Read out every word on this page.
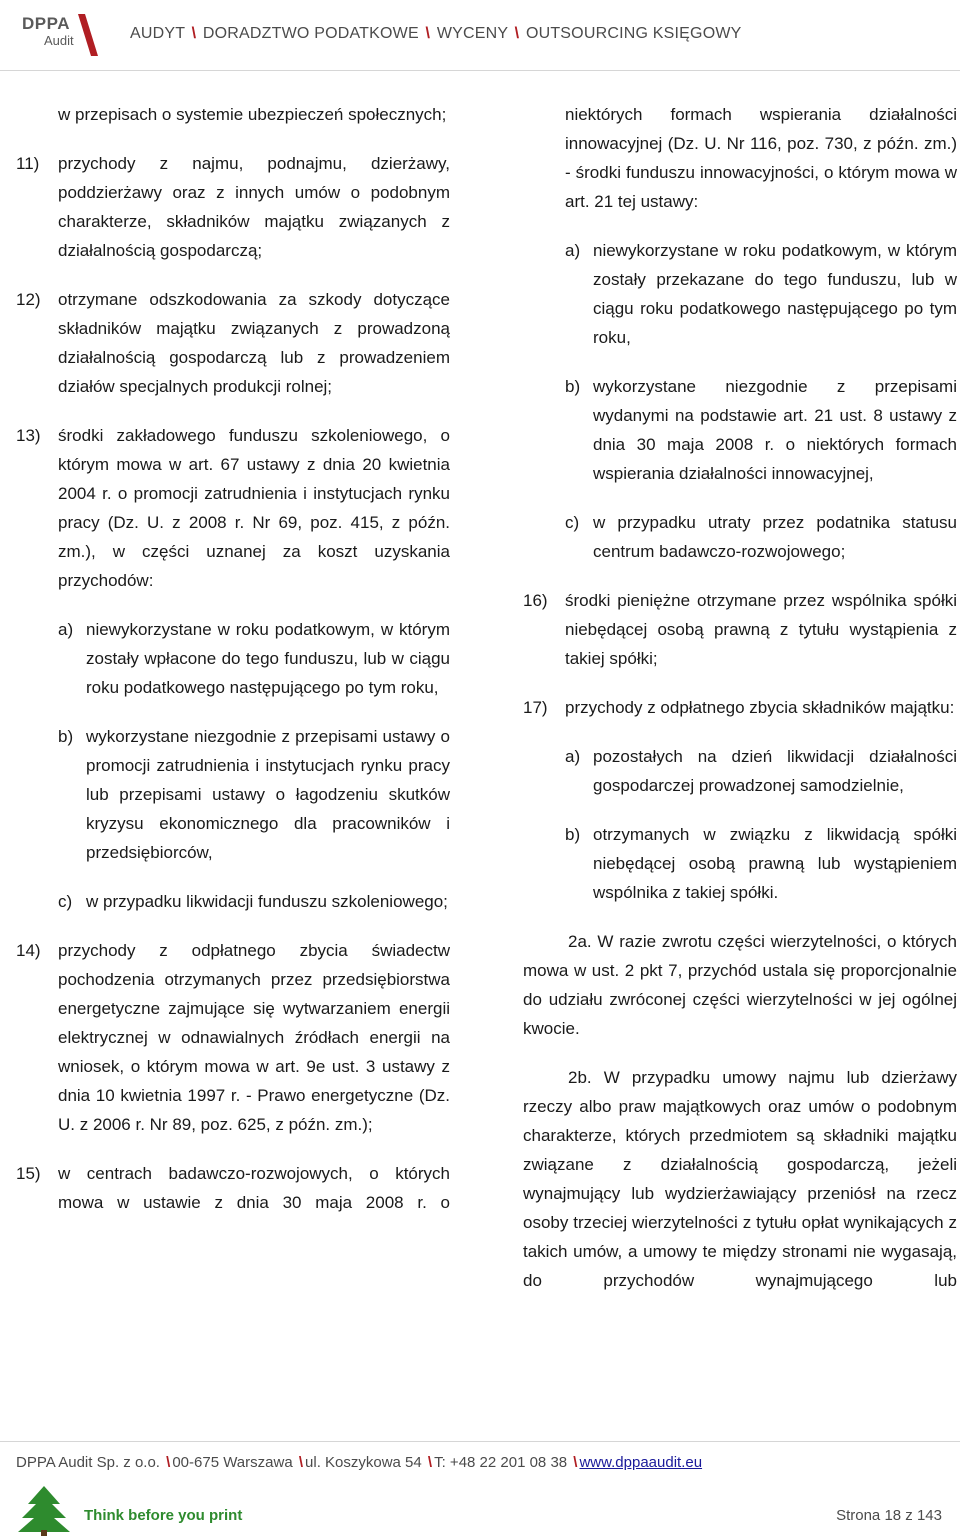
DPPA
Audit	AUDYT \ DORADZTWO PODATKOWE \ WYCENY \ OUTSOURCING KSIĘGOWY
w przepisach o systemie ubezpieczeń społecznych;
11)	przychody z najmu, podnajmu, dzierżawy, poddzierżawy oraz z innych umów o podobnym charakterze, składników majątku związanych z działalnością gospodarczą;
12)	otrzymane odszkodowania za szkody dotyczące składników majątku związanych z prowadzoną działalnością gospodarczą lub z prowadzeniem działów specjalnych produkcji rolnej;
13)	środki zakładowego funduszu szkoleniowego, o którym mowa w art. 67 ustawy z dnia 20 kwietnia 2004 r. o promocji zatrudnienia i instytucjach rynku pracy (Dz. U. z 2008 r. Nr 69, poz. 415, z późn. zm.), w części uznanej za koszt uzyskania przychodów:
a) niewykorzystane w roku podatkowym, w którym zostały wpłacone do tego funduszu, lub w ciągu roku podatkowego następującego po tym roku,
b) wykorzystane niezgodnie z przepisami ustawy o promocji zatrudnienia i instytucjach rynku pracy lub przepisami ustawy o łagodzeniu skutków kryzysu ekonomicznego dla pracowników i przedsiębiorców,
c) w przypadku likwidacji funduszu szkoleniowego;
14)	przychody z odpłatnego zbycia świadectw pochodzenia otrzymanych przez przedsiębiorstwa energetyczne zajmujące się wytwarzaniem energii elektrycznej w odnawialnych źródłach energii na wniosek, o którym mowa w art. 9e ust. 3 ustawy z dnia 10 kwietnia 1997 r. - Prawo energetyczne (Dz. U. z 2006 r. Nr 89, poz. 625, z późn. zm.);
15)	w centrach badawczo-rozwojowych, o których mowa w ustawie z dnia 30 maja 2008 r. o
niektórych formach wspierania działalności innowacyjnej (Dz. U. Nr 116, poz. 730, z późn. zm.) - środki funduszu innowacyjności, o którym mowa w art. 21 tej ustawy:
a) niewykorzystane w roku podatkowym, w którym zostały przekazane do tego funduszu, lub w ciągu roku podatkowego następującego po tym roku,
b) wykorzystane niezgodnie z przepisami wydanymi na podstawie art. 21 ust. 8 ustawy z dnia 30 maja 2008 r. o niektórych formach wspierania działalności innowacyjnej,
c) w przypadku utraty przez podatnika statusu centrum badawczo-rozwojowego;
16)	środki pieniężne otrzymane przez wspólnika spółki niebędącej osobą prawną z tytułu wystąpienia z takiej spółki;
17)	przychody z odpłatnego zbycia składników majątku:
a) pozostałych na dzień likwidacji działalności gospodarczej prowadzonej samodzielnie,
b) otrzymanych w związku z likwidacją spółki niebędącej osobą prawną lub wystąpieniem wspólnika z takiej spółki.
2a. W razie zwrotu części wierzytelności, o których mowa w ust. 2 pkt 7, przychód ustala się proporcjonalnie do udziału zwróconej części wierzytelności w jej ogólnej kwocie.
2b. W przypadku umowy najmu lub dzierżawy rzeczy albo praw majątkowych oraz umów o podobnym charakterze, których przedmiotem są składniki majątku związane z działalnością gospodarczą, jeżeli wynajmujący lub wydzierżawiający przeniósł na rzecz osoby trzeciej wierzytelności z tytułu opłat wynikających z takich umów, a umowy te między stronami nie wygasają, do przychodów wynajmującego lub
DPPA Audit Sp. z o.o. \ 00-675 Warszawa \ ul. Koszykowa 54 \ T: +48 22 201 08 38 \ www.dppaaudit.eu
Think before you print	Strona 18 z 143
